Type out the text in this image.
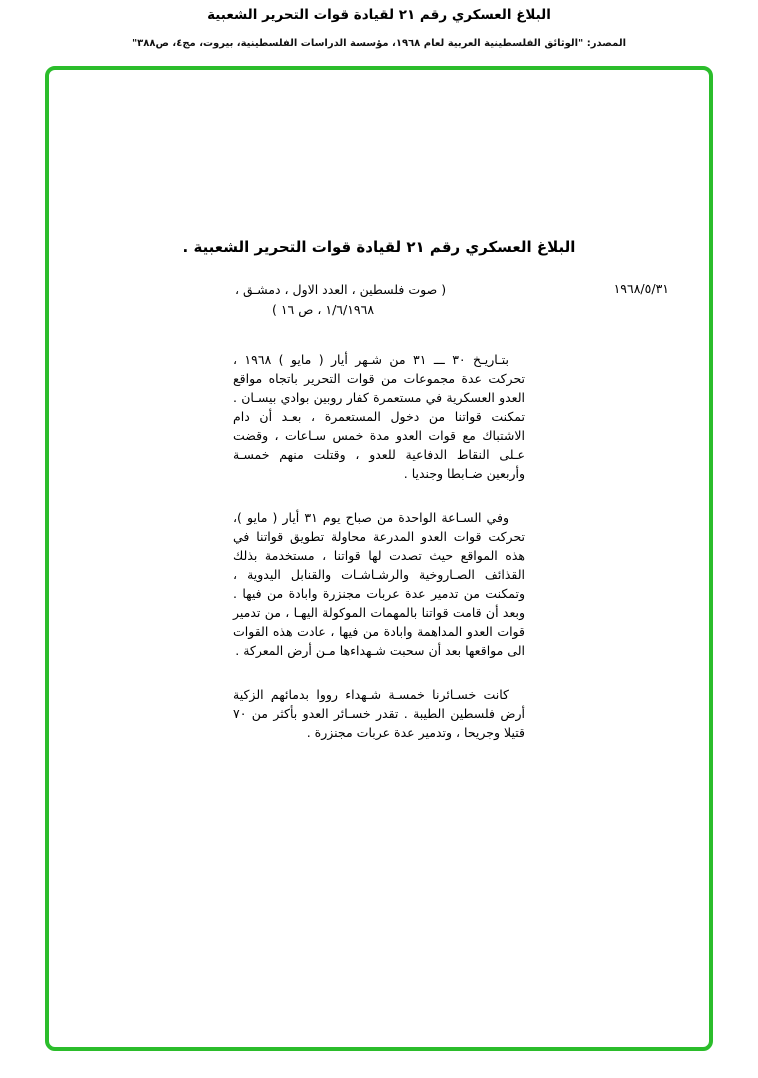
البلاغ العسكري رقم ٢١ لقيادة قوات التحرير الشعبية
المصدر: "الوثائق الفلسطينية العربية لعام ١٩٦٨، مؤسسة الدراسات الفلسطينية، بيروت، مج٤، ص٣٨٨"
البلاغ العسكري رقم ٢١ لقيادة قوات التحرير الشعبية .
١٩٦٨/٥/٣١
( صوت فلسطين ، العدد الاول ، دمشـق ،
١/٦/١٩٦٨ ، ص ١٦ )

بتـاريـخ ٣٠ ـــ ٣١ من شـهر أيار ( مايو ) ١٩٦٨ ، تحركت عدة مجموعات من قوات التحرير باتجاه مواقع العدو العسكرية في مستعمرة كفار روبين بوادي بيسـان . تمكنت قواتنا من دخول المستعمرة ، بعـد أن دام الاشتباك مع قوات العدو مدة خمس سـاعات ، وقضت عـلى النقاط الدفاعية للعدو ، وقتلت منهم خمسـة وأربعين ضـابطا وجنديا .

وفي السـاعة الواحدة من صباح يوم ٣١ أيار ( مايو )، تحركت قوات العدو المدرعة محاولة تطويق قواتنا في هذه المواقع حيث تصدت لها قواتنا ، مستخدمة بذلك القذائف الصـاروخية والرشـاشـات والقنابل اليدوية ، وتمكنت من تدمير عدة عربات مجنزرة وابادة من فيها . وبعد أن قامت قواتنا بالمهمات الموكولة اليهـا ، من تدمير قوات العدو المداهمة وابادة من فيها ، عادت هذه القوات الى مواقعها بعد أن سحبت شـهداءها مـن أرض المعركة .

كانت خسـائرنا خمسـة شـهداء رووا بدمائهم الزكية أرض فلسطين الطيبة . تقدر خسـائر العدو بأكثر من ٧٠ قتيلا وجريحا ، وتدمير عدة عربات مجنزرة .
